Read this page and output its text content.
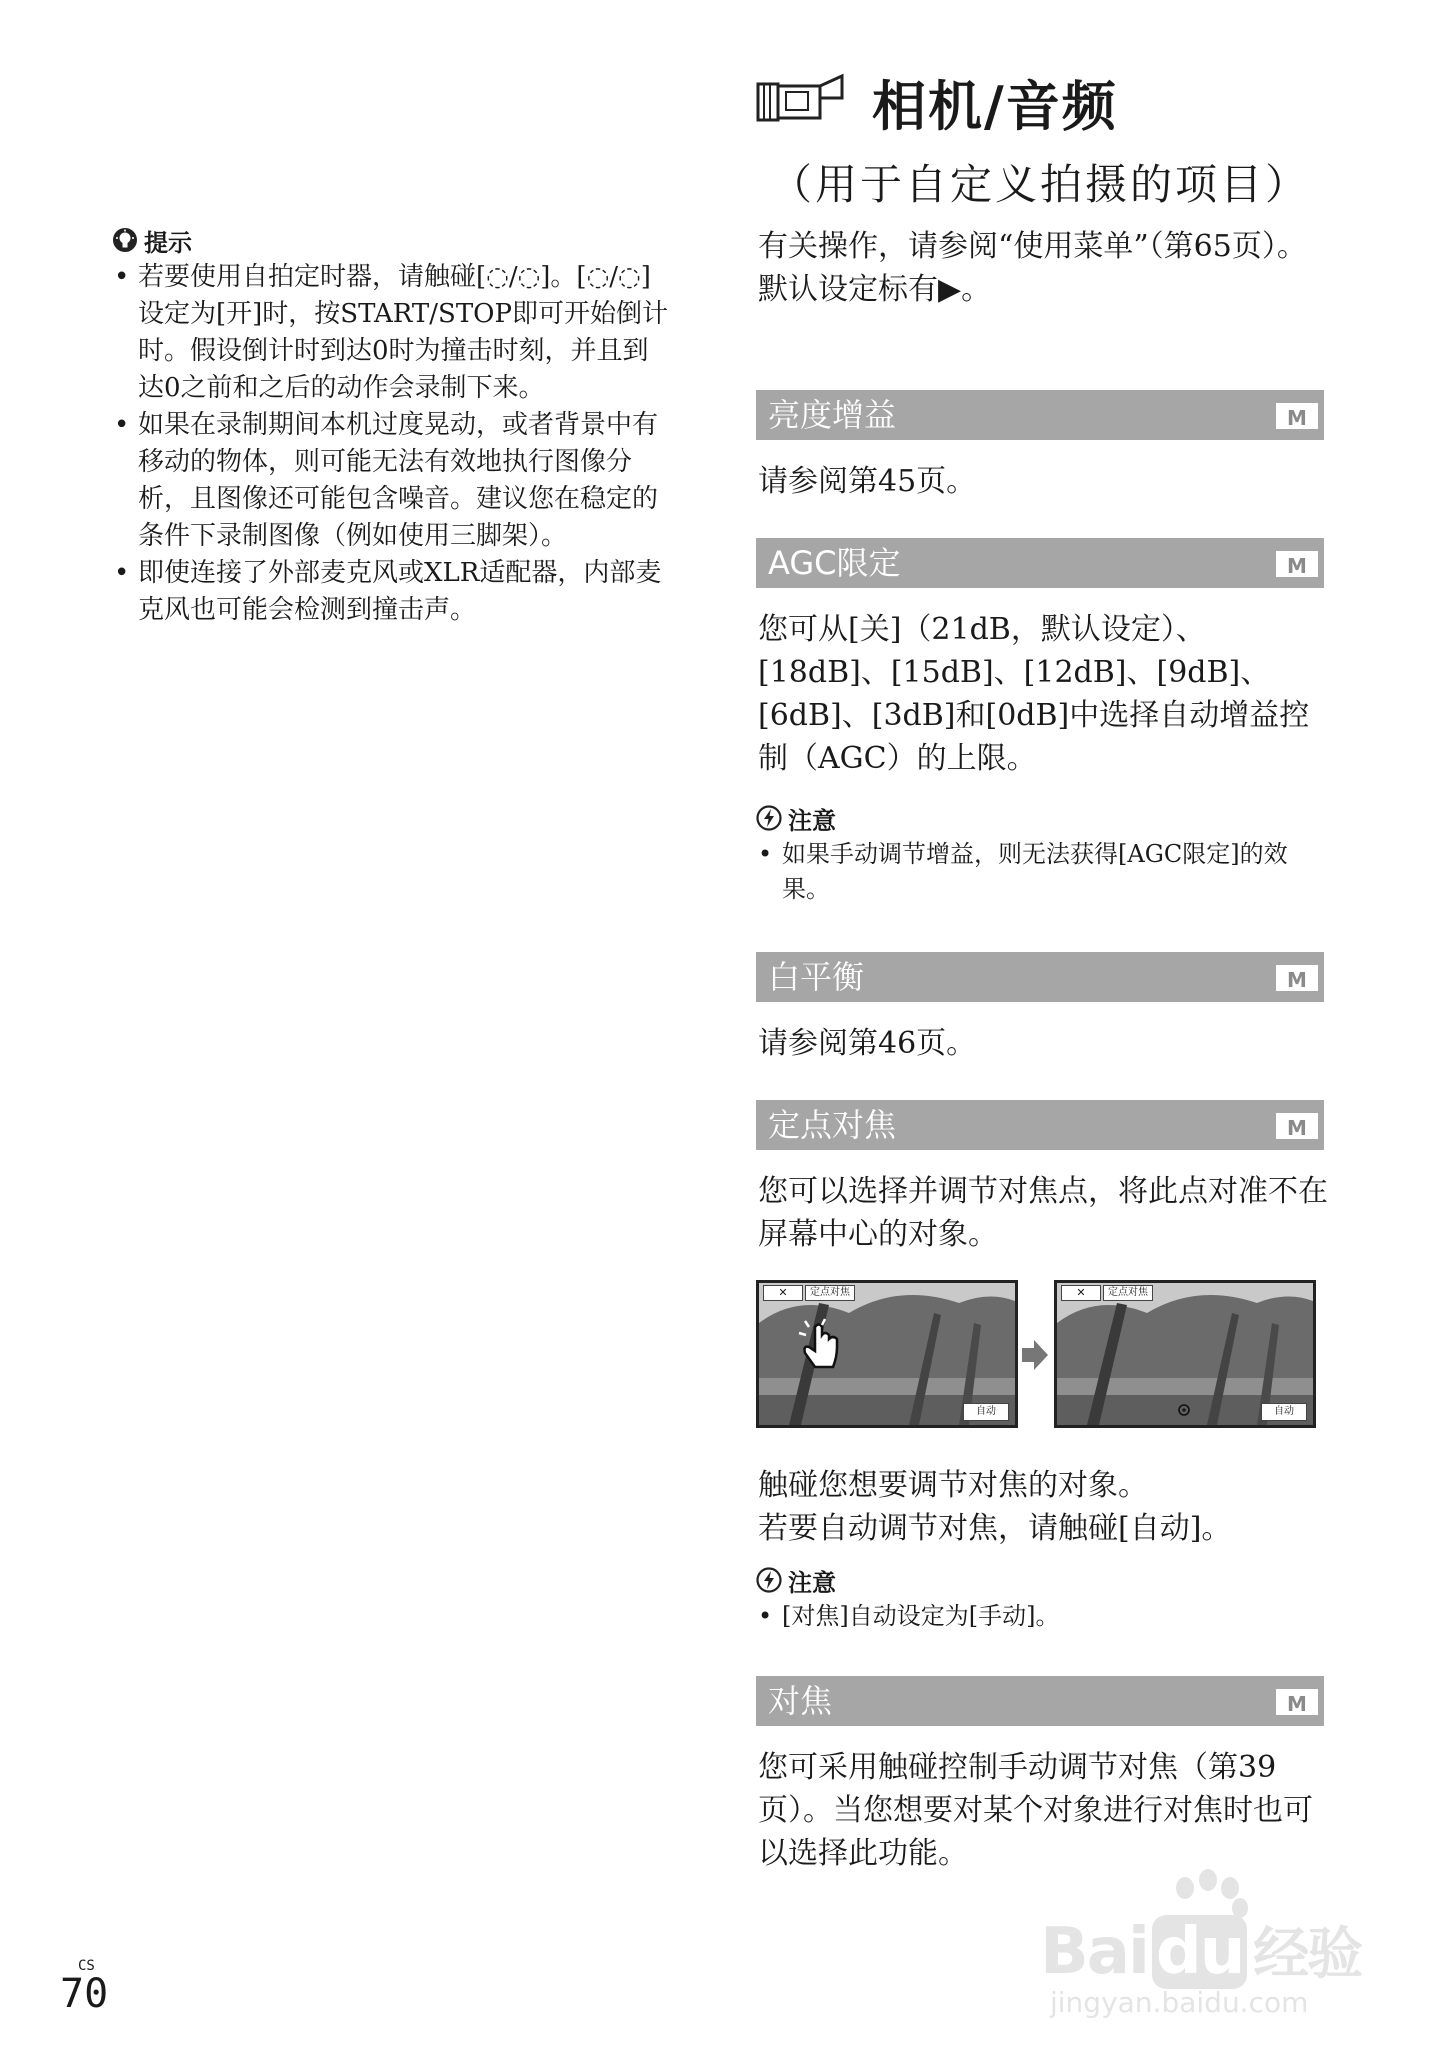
相机/音频
（用于自定义拍摄的项目）
提示
• 若要使用自拍定时器，请触碰[◌/◌]。[◌/◌]设定为[开]时，按START/STOP即可开始倒计时。假设倒计时到达0时为撞击时刻，并且到达0之前和之后的动作会录制下来。
• 如果在录制期间本机过度晃动，或者背景中有移动的物体，则可能无法有效地执行图像分析，且图像还可能包含噪音。建议您在稳定的条件下录制图像（例如使用三脚架）。
• 即使连接了外部麦克风或XLR适配器，内部麦克风也可能会检测到撞击声。
有关操作，请参阅“使用菜单”（第65页）。
默认设定标有▶。
亮度增益	M
请参阅第45页。
AGC限定	M
您可从[关]（21dB，默认设定）、[18dB]、[15dB]、[12dB]、[9dB]、[6dB]、[3dB]和[0dB]中选择自动增益控制（AGC）的上限。
注意
• 如果手动调节增益，则无法获得[AGC限定]的效果。
白平衡	M
请参阅第46页。
定点对焦	M
您可以选择并调节对焦点，将此点对准不在屏幕中心的对象。
✕	定点对焦
自动
✕	定点对焦
自动
触碰您想要调节对焦的对象。
若要自动调节对焦，请触碰[自动]。
注意
• [对焦]自动设定为[手动]。
对焦	M
您可采用触碰控制手动调节对焦（第39页）。当您想要对某个对象进行对焦时也可以选择此功能。
CS
70
Bai du 经验
jingyan.baidu.com
